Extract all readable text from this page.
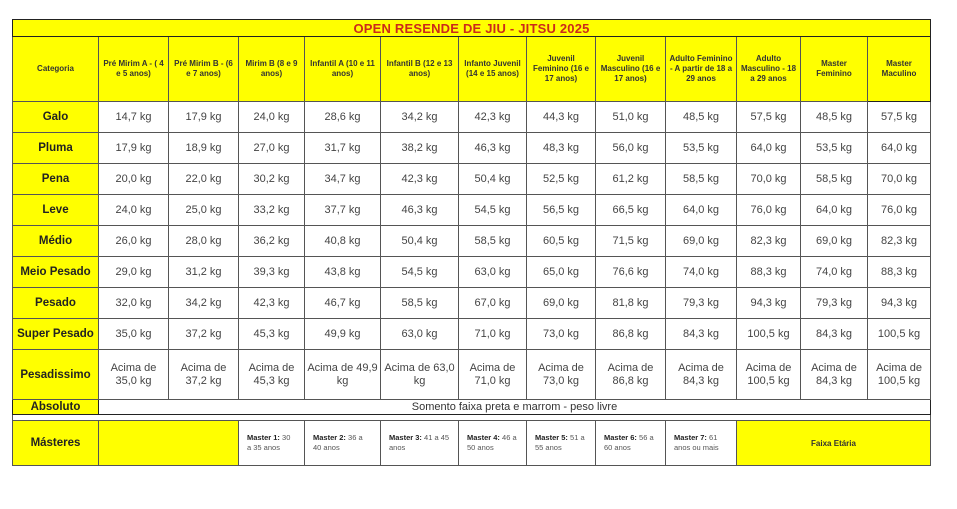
OPEN RESENDE DE JIU - JITSU 2025												
Categoria	Pré Mirim A - ( 4 e 5 anos)	Pré Mirim B - (6 e 7 anos)	Mirim B (8 e 9 anos)	Infantil A (10 e 11 anos)	Infantil B (12 e 13 anos)	Infanto Juvenil (14 e 15 anos)	Juvenil Feminino (16 e 17 anos)	Juvenil Masculino (16 e 17 anos)	Adulto Feminino - A partir de 18 a 29 anos	Adulto Masculino - 18 a 29 anos	Master Feminino	Master Maculino
Galo	14,7 kg	17,9 kg	24,0 kg	28,6 kg	34,2 kg	42,3 kg	44,3 kg	51,0 kg	48,5 kg	57,5 kg	48,5 kg	57,5 kg
Pluma	17,9 kg	18,9 kg	27,0 kg	31,7 kg	38,2 kg	46,3 kg	48,3 kg	56,0 kg	53,5 kg	64,0 kg	53,5 kg	64,0 kg
Pena	20,0 kg	22,0 kg	30,2 kg	34,7 kg	42,3 kg	50,4 kg	52,5 kg	61,2 kg	58,5 kg	70,0 kg	58,5 kg	70,0 kg
Leve	24,0 kg	25,0 kg	33,2 kg	37,7 kg	46,3 kg	54,5 kg	56,5 kg	66,5 kg	64,0 kg	76,0 kg	64,0 kg	76,0 kg
Médio	26,0 kg	28,0 kg	36,2 kg	40,8 kg	50,4 kg	58,5 kg	60,5 kg	71,5 kg	69,0 kg	82,3 kg	69,0 kg	82,3 kg
Meio Pesado	29,0 kg	31,2 kg	39,3 kg	43,8 kg	54,5 kg	63,0 kg	65,0 kg	76,6 kg	74,0 kg	88,3 kg	74,0 kg	88,3 kg
Pesado	32,0 kg	34,2 kg	42,3 kg	46,7 kg	58,5 kg	67,0 kg	69,0 kg	81,8 kg	79,3 kg	94,3 kg	79,3 kg	94,3 kg
Super Pesado	35,0 kg	37,2 kg	45,3 kg	49,9 kg	63,0 kg	71,0 kg	73,0 kg	86,8 kg	84,3 kg	100,5 kg	84,3 kg	100,5 kg
Pesadissimo	Acima de 35,0 kg	Acima de 37,2 kg	Acima de 45,3 kg	Acima de 49,9 kg	Acima de 63,0 kg	Acima de 71,0 kg	Acima de 73,0 kg	Acima de 86,8 kg	Acima de 84,3 kg	Acima de 100,5 kg	Acima de 84,3 kg	Acima de 100,5 kg
Absoluto	Somento faixa preta e marrom - peso livre											

Másteres			Master 1: 30 a 35 anos	Master 2: 36 a 40 anos	Master 3: 41 a 45 anos	Master 4: 46 a 50 anos	Master 5: 51 a 55 anos	Master 6: 56 a 60 anos	Master 7: 61 anos ou mais	Faixa Etária		
